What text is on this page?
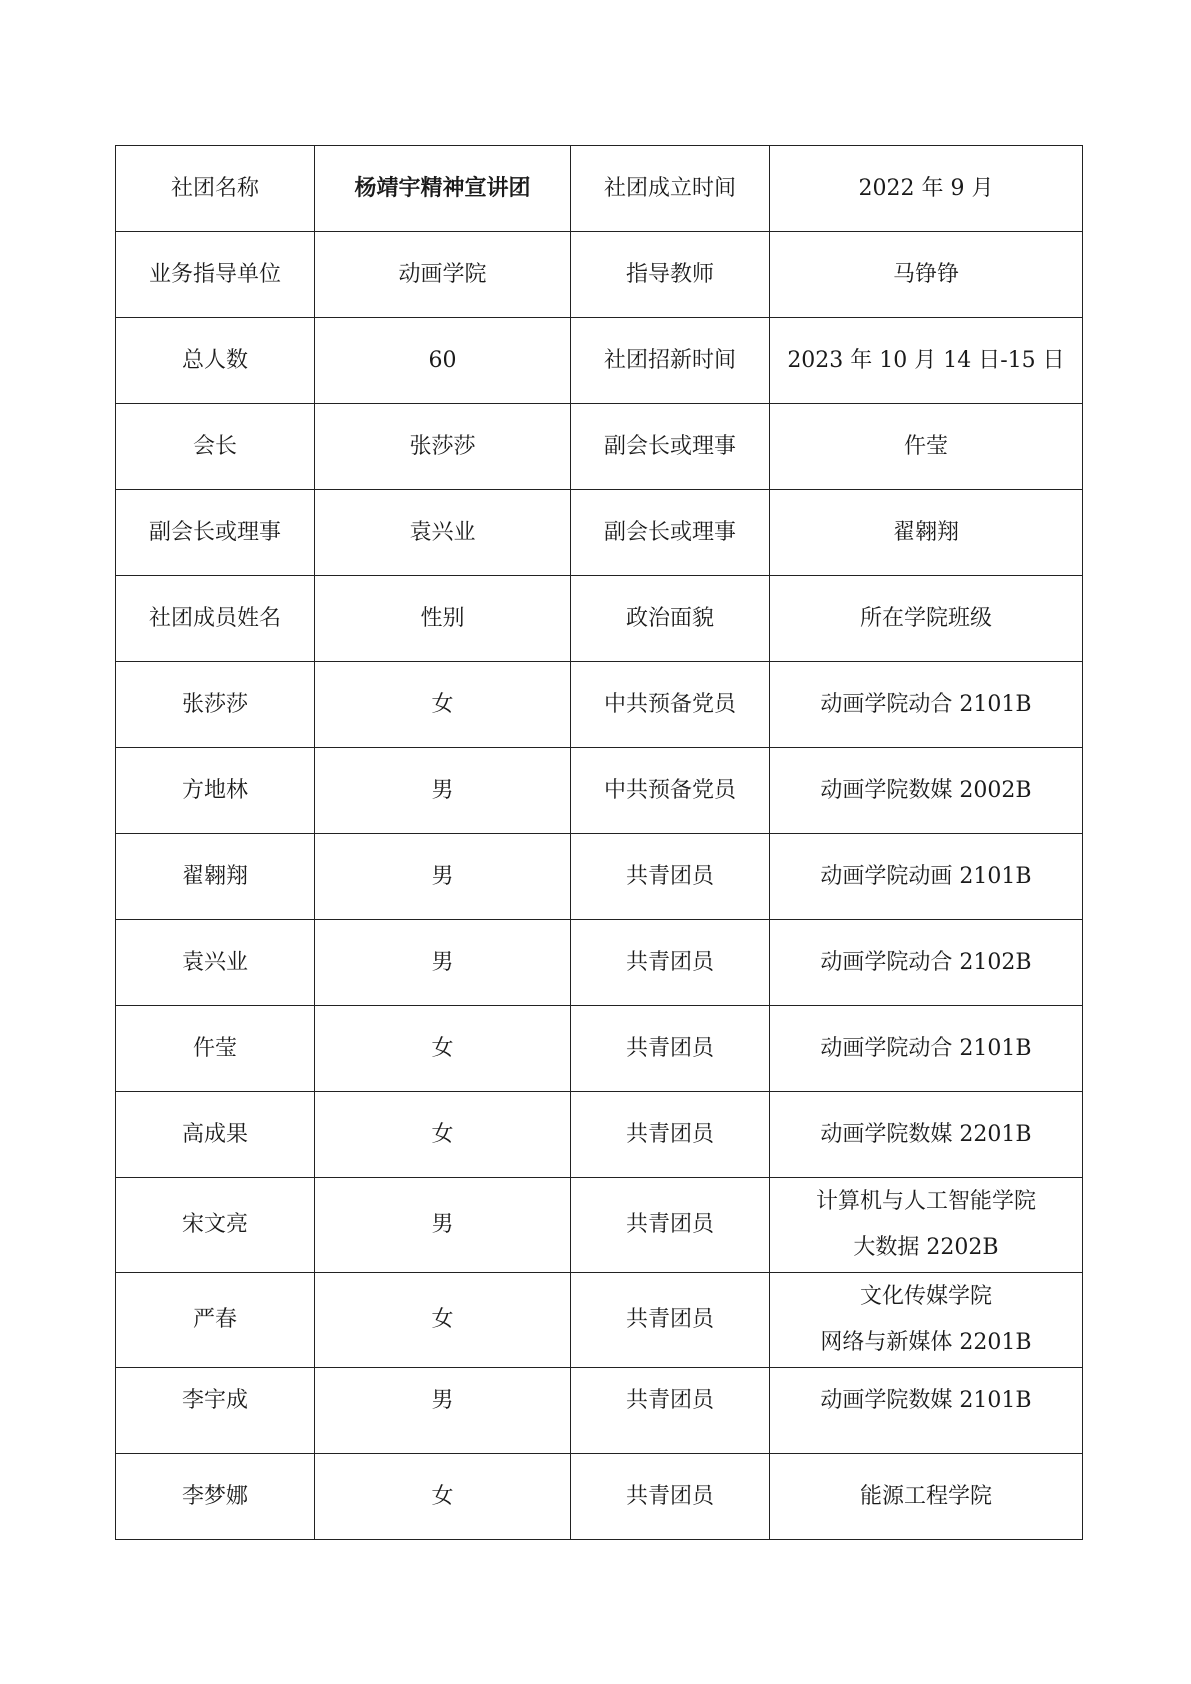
社团名称	杨靖宇精神宣讲团	社团成立时间	2022 年 9 月
业务指导单位	动画学院	指导教师	马铮铮
总人数	60	社团招新时间	2023 年 10 月 14 日-15 日
会长	张莎莎	副会长或理事	仵莹
副会长或理事	袁兴业	副会长或理事	翟翱翔
社团成员姓名	性别	政治面貌	所在学院班级
张莎莎	女	中共预备党员	动画学院动合 2101B
方地林	男	中共预备党员	动画学院数媒 2002B
翟翱翔	男	共青团员	动画学院动画 2101B
袁兴业	男	共青团员	动画学院动合 2102B
仵莹	女	共青团员	动画学院动合 2101B
高成果	女	共青团员	动画学院数媒 2201B
宋文亮	男	共青团员	计算机与人工智能学院
大数据 2202B

严春	女	共青团员	文化传媒学院
网络与新媒体 2201B

李宇成	男	共青团员	动画学院数媒 2101B
李梦娜	女	共青团员	能源工程学院
